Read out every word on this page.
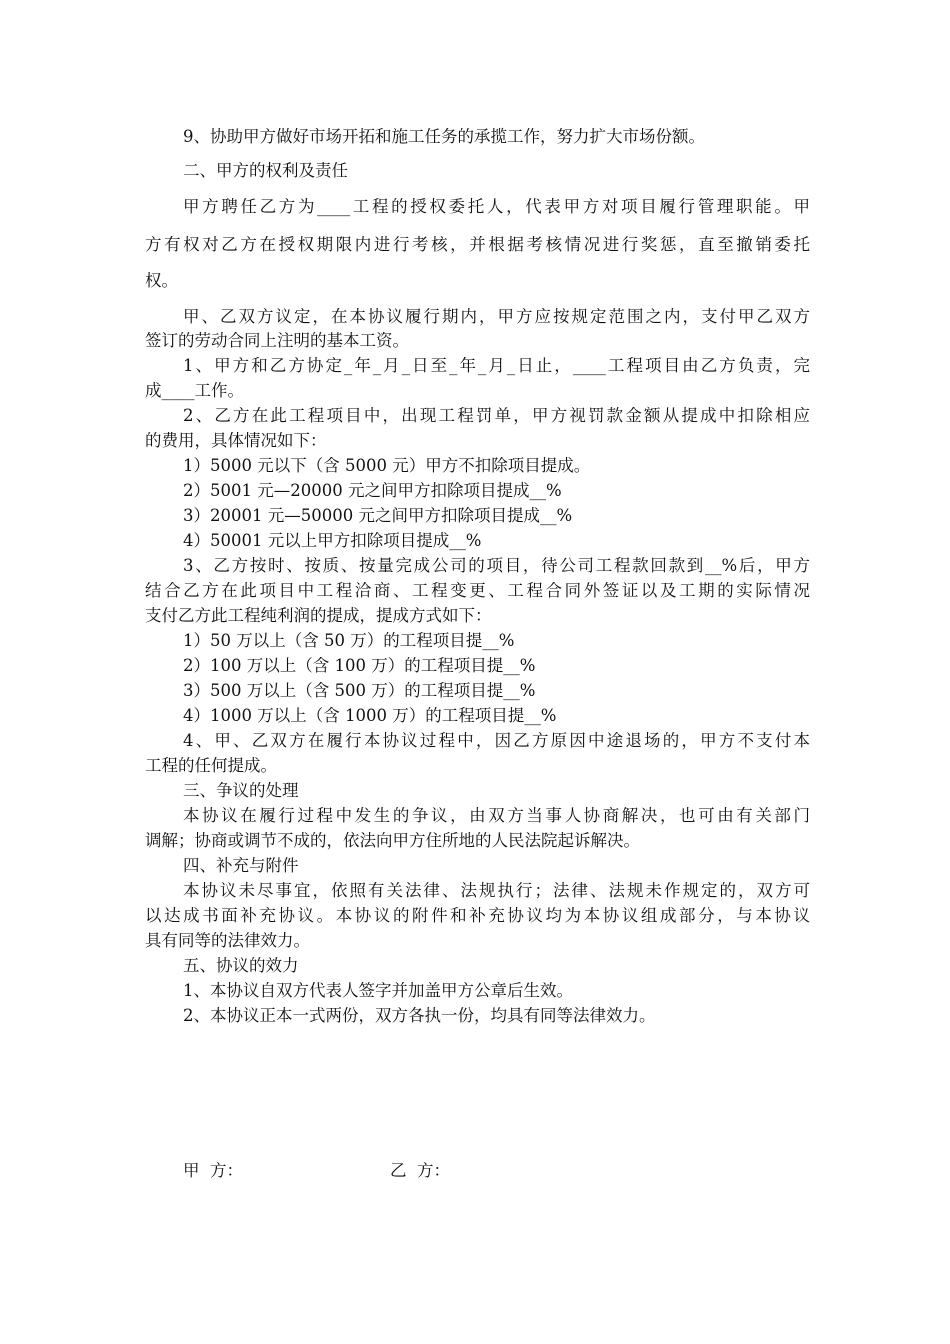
9、协助甲方做好市场开拓和施工任务的承揽工作，努力扩大市场份额。
二、甲方的权利及责任
甲方聘任乙方为____工程的授权委托人，代表甲方对项目履行管理职能。甲
方有权对乙方在授权期限内进行考核，并根据考核情况进行奖惩，直至撤销委托
权。
甲、乙双方议定，在本协议履行期内，甲方应按规定范围之内，支付甲乙双方
签订的劳动合同上注明的基本工资。
1、甲方和乙方协定_年_月_日至_年_月_日止，____工程项目由乙方负责，完
成____工作。
2、乙方在此工程项目中，出现工程罚单，甲方视罚款金额从提成中扣除相应
的费用，具体情况如下：
1）5000 元以下（含 5000 元）甲方不扣除项目提成。
2）5001 元—20000 元之间甲方扣除项目提成__%
3）20001 元—50000 元之间甲方扣除项目提成__%
4）50001 元以上甲方扣除项目提成__%
3、乙方按时、按质、按量完成公司的项目，待公司工程款回款到__%后，甲方
结合乙方在此项目中工程洽商、工程变更、工程合同外签证以及工期的实际情况
支付乙方此工程纯利润的提成，提成方式如下：
1）50 万以上（含 50 万）的工程项目提__%
2）100 万以上（含 100 万）的工程项目提__%
3）500 万以上（含 500 万）的工程项目提__%
4）1000 万以上（含 1000 万）的工程项目提__%
4、甲、乙双方在履行本协议过程中，因乙方原因中途退场的，甲方不支付本
工程的任何提成。
三、争议的处理
本协议在履行过程中发生的争议，由双方当事人协商解决，也可由有关部门
调解；协商或调节不成的，依法向甲方住所地的人民法院起诉解决。
四、补充与附件
本协议未尽事宜，依照有关法律、法规执行；法律、法规未作规定的，双方可
以达成书面补充协议。本协议的附件和补充协议均为本协议组成部分，与本协议
具有同等的法律效力。
五、协议的效力
1、本协议自双方代表人签字并加盖甲方公章后生效。
2、本协议正本一式两份，双方各执一份，均具有同等法律效力。
甲  方：	乙  方：
